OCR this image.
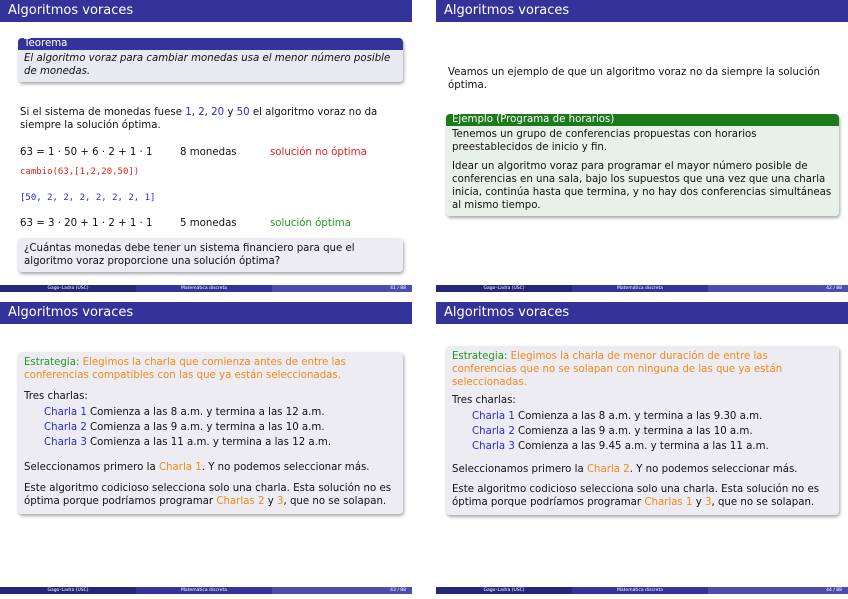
Algoritmos voraces
Teorema
El algoritmo voraz para cambiar monedas usa el menor número posible de monedas.
Si el sistema de monedas fuese 1, 2, 20 y 50 el algoritmo voraz no da siempre la solución óptima.
63 = 1 · 50 + 6 · 2 + 1 · 1	8 monedas	solución no óptima
cambio(63,[1,2,20,50])
[50, 2, 2, 2, 2, 2, 2, 1]
63 = 3 · 20 + 1 · 2 + 1 · 1	5 monedas	solución óptima
¿Cuántas monedas debe tener un sistema financiero para que el algoritmo voraz proporcione una solución óptima?
Gago–Ladra (USC)	Matemática discreta	41 / 88
Algoritmos voraces
Veamos un ejemplo de que un algoritmo voraz no da siempre la solución óptima.
Ejemplo (Programa de horarios)
Tenemos un grupo de conferencias propuestas con horarios preestablecidos de inicio y fin.
Idear un algoritmo voraz para programar el mayor número posible de conferencias en una sala, bajo los supuestos que una vez que una charla inicia, continúa hasta que termina, y no hay dos conferencias simultáneas al mismo tiempo.
Gago–Ladra (USC)	Matemática discreta	42 / 88
Algoritmos voraces
Estrategia: Elegimos la charla que comienza antes de entre las conferencias compatibles con las que ya están seleccionadas.
Tres charlas:
Charla 1 Comienza a las 8 a.m. y termina a las 12 a.m.
Charla 2 Comienza a las 9 a.m. y termina a las 10 a.m.
Charla 3 Comienza a las 11 a.m. y termina a las 12 a.m.
Seleccionamos primero la Charla 1. Y no podemos seleccionar más.
Este algoritmo codicioso selecciona solo una charla. Esta solución no es óptima porque podríamos programar Charlas 2 y 3, que no se solapan.
Gago–Ladra (USC)	Matemática discreta	43 / 88
Algoritmos voraces
Estrategia: Elegimos la charla de menor duración de entre las conferencias que no se solapan con ninguna de las que ya están seleccionadas.
Tres charlas:
Charla 1 Comienza a las 8 a.m. y termina a las 9.30 a.m.
Charla 2 Comienza a las 9 a.m. y termina a las 10 a.m.
Charla 3 Comienza a las 9.45 a.m. y termina a las 11 a.m.
Seleccionamos primero la Charla 2. Y no podemos seleccionar más.
Este algoritmo codicioso selecciona solo una charla. Esta solución no es óptima porque podríamos programar Charlas 1 y 3, que no se solapan.
Gago–Ladra (USC)	Matemática discreta	44 / 88
